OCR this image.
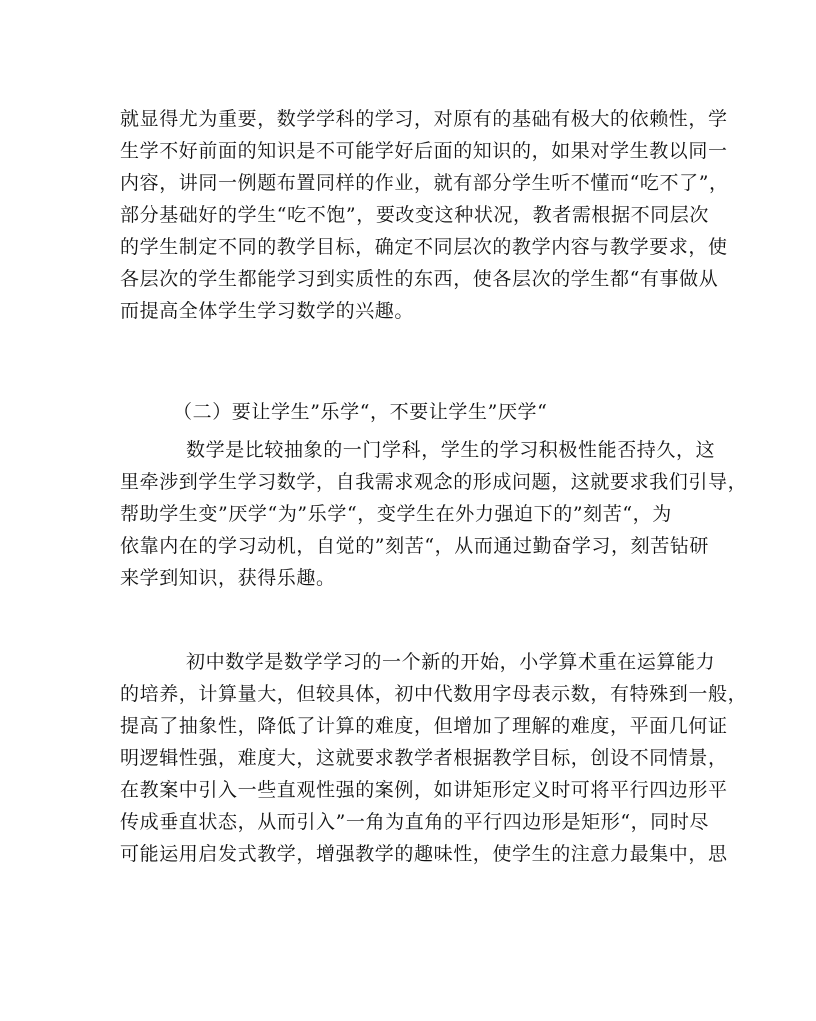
就显得尤为重要，数学学科的学习，对原有的基础有极大的依赖性，学
生学不好前面的知识是不可能学好后面的知识的，如果对学生教以同一
内容，讲同一例题布置同样的作业，就有部分学生听不懂而“吃不了”，
部分基础好的学生“吃不饱”，要改变这种状况，教者需根据不同层次
的学生制定不同的教学目标，确定不同层次的教学内容与教学要求，使
各层次的学生都能学习到实质性的东西，使各层次的学生都“有事做从
而提高全体学生学习数学的兴趣。
（二）要让学生”乐学“，不要让学生”厌学“
数学是比较抽象的一门学科，学生的学习积极性能否持久，这
里牵涉到学生学习数学，自我需求观念的形成问题，这就要求我们引导，
帮助学生变”厌学“为”乐学“，变学生在外力强迫下的”刻苦“，为
依靠内在的学习动机，自觉的”刻苦“，从而通过勤奋学习，刻苦钻研
来学到知识，获得乐趣。
初中数学是数学学习的一个新的开始，小学算术重在运算能力
的培养，计算量大，但较具体，初中代数用字母表示数，有特殊到一般，
提高了抽象性，降低了计算的难度，但增加了理解的难度，平面几何证
明逻辑性强，难度大，这就要求教学者根据教学目标，创设不同情景，
在教案中引入一些直观性强的案例，如讲矩形定义时可将平行四边形平
传成垂直状态，从而引入”一角为直角的平行四边形是矩形“，同时尽
可能运用启发式教学，增强教学的趣味性，使学生的注意力最集中，思
